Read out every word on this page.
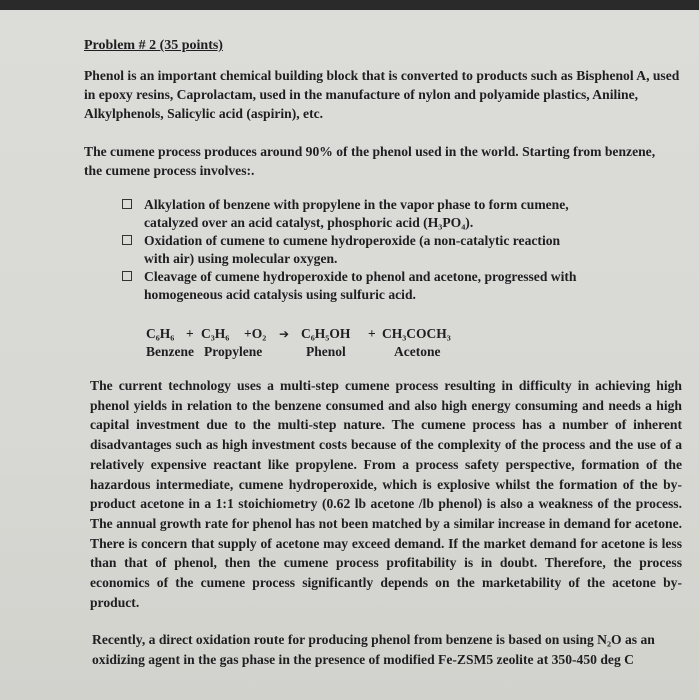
Problem # 2 (35 points)
Phenol is an important chemical building block that is converted to products such as Bisphenol A, used in epoxy resins, Caprolactam, used in the manufacture of nylon and polyamide plastics, Aniline, Alkylphenols, Salicylic acid (aspirin), etc.
The cumene process produces around 90% of the phenol used in the world. Starting from benzene, the cumene process involves:.
Alkylation of benzene with propylene in the vapor phase to form cumene, catalyzed over an acid catalyst, phosphoric acid (H₃PO₄).
Oxidation of cumene to cumene hydroperoxide (a non-catalytic reaction with air) using molecular oxygen.
Cleavage of cumene hydroperoxide to phenol and acetone, progressed with homogeneous acid catalysis using sulfuric acid.
C₆H₆ + C₃H₆ +O₂ ➔ C₆H₅OH + CH₃COCH₃
Benzene Propylene	Phenol	Acetone
The current technology uses a multi-step cumene process resulting in difficulty in achieving high phenol yields in relation to the benzene consumed and also high energy consuming and needs a high capital investment due to the multi-step nature. The cumene process has a number of inherent disadvantages such as high investment costs because of the complexity of the process and the use of a relatively expensive reactant like propylene. From a process safety perspective, formation of the hazardous intermediate, cumene hydroperoxide, which is explosive whilst the formation of the by-product acetone in a 1:1 stoichiometry (0.62 lb acetone /lb phenol) is also a weakness of the process. The annual growth rate for phenol has not been matched by a similar increase in demand for acetone. There is concern that supply of acetone may exceed demand. If the market demand for acetone is less than that of phenol, then the cumene process profitability is in doubt. Therefore, the process economics of the cumene process significantly depends on the marketability of the acetone by-product.
Recently, a direct oxidation route for producing phenol from benzene is based on using N₂O as an oxidizing agent in the gas phase in the presence of modified Fe-ZSM5 zeolite at 350-450 deg C
